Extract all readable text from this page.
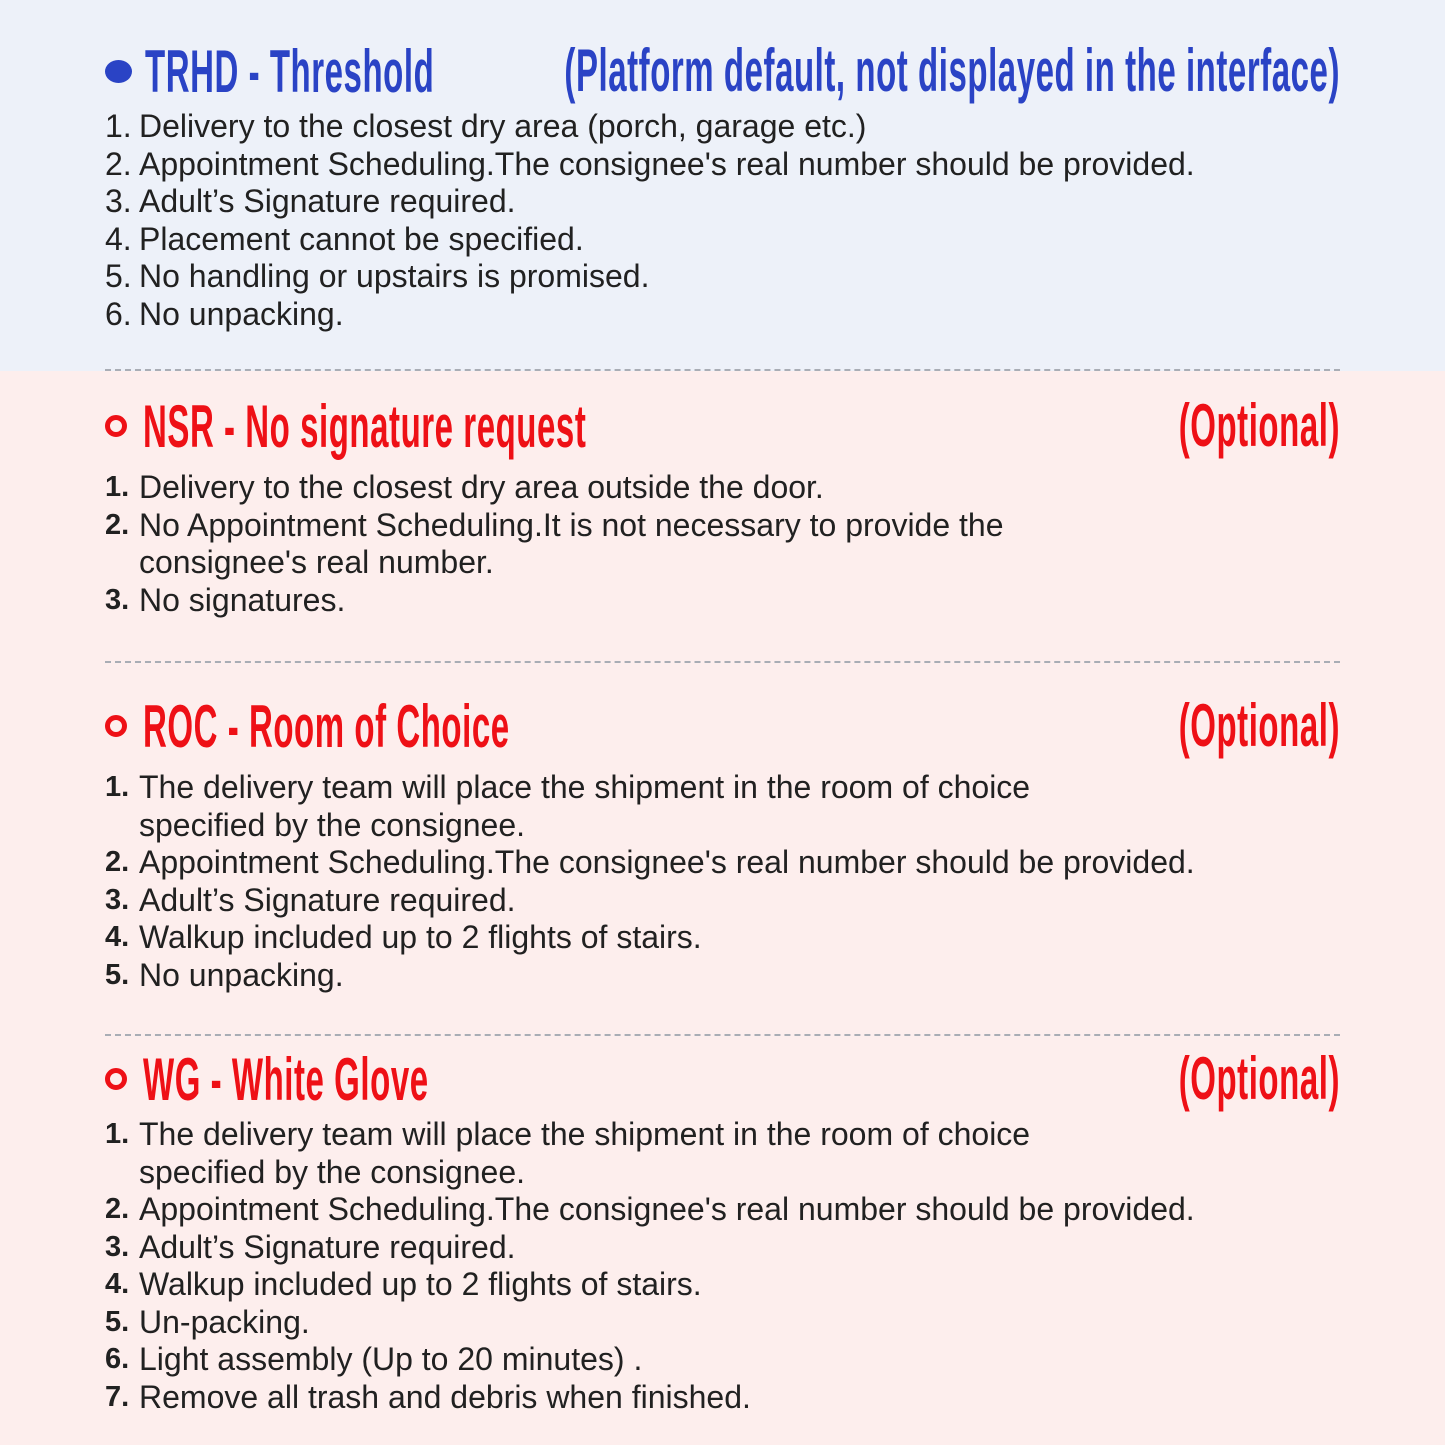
TRHD - Threshold	(Platform default, not displayed in the interface)
1. Delivery to the closest dry area (porch, garage etc.)
2. Appointment Scheduling.The consignee's real number should be provided.
3. Adult’s Signature required.
4. Placement cannot be specified.
5. No handling or upstairs is promised.
6. No unpacking.
NSR - No signature request	(Optional)
1. Delivery to the closest dry area outside the door.
2. No Appointment Scheduling.It is not necessary to provide the
consignee's real number.
3. No signatures.
ROC - Room of Choice	(Optional)
1. The delivery team will place the shipment in the room of choice
specified by the consignee.
2. Appointment Scheduling.The consignee's real number should be provided.
3. Adult’s Signature required.
4. Walkup included up to 2 flights of stairs.
5. No unpacking.
WG - White Glove	(Optional)
1. The delivery team will place the shipment in the room of choice
specified by the consignee.
2. Appointment Scheduling.The consignee's real number should be provided.
3. Adult’s Signature required.
4. Walkup included up to 2 flights of stairs.
5. Un-packing.
6. Light assembly (Up to 20 minutes) .
7. Remove all trash and debris when finished.
